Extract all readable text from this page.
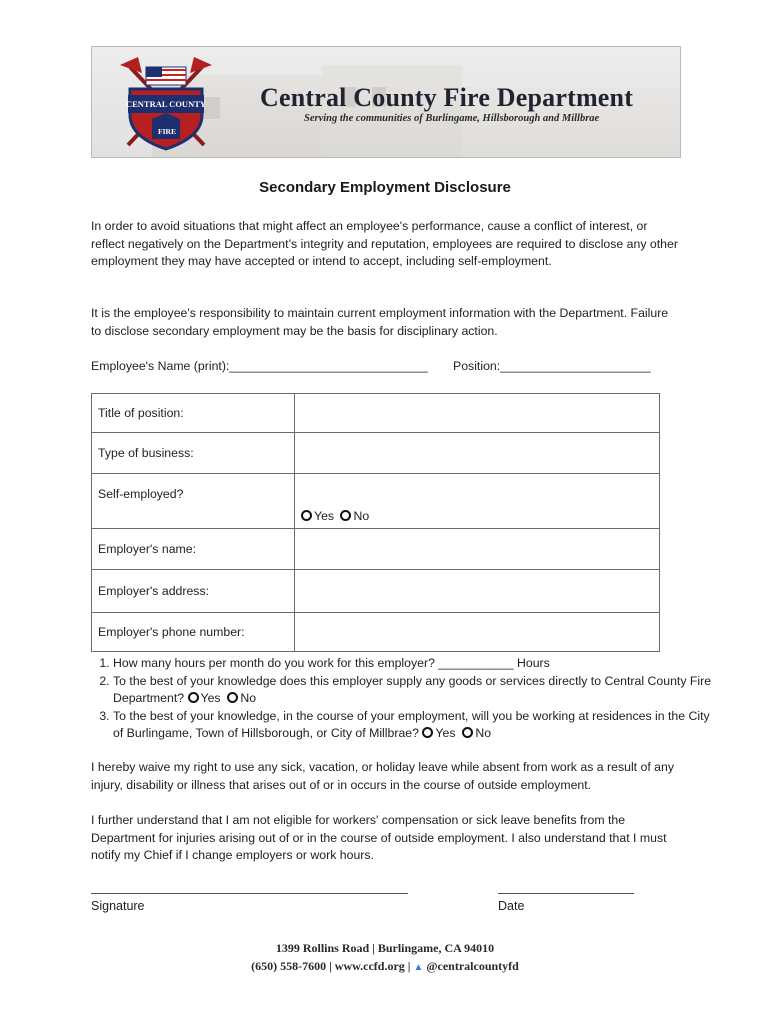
CENTRAL COUNTY
FIRE
Central County Fire Department
Serving the communities of Burlingame, Hillsborough and Millbrae
Secondary Employment Disclosure
In order to avoid situations that might affect an employee's performance, cause a conflict of interest, or reflect negatively on the Department’s integrity and reputation, employees are required to disclose any other employment they may have accepted or intend to accept, including self-employment.
It is the employee's responsibility to maintain current employment information with the Department. Failure to disclose secondary employment may be the basis for disciplinary action.
Employee's Name (print):_____________________________ Position:______________________
Title of position:	
Type of business:	
Self-employed?	Yes No
Employer's name:	
Employer's address:	
Employer's phone number:	
1. How many hours per month do you work for this employer? ___________ Hours
2. To the best of your knowledge does this employer supply any goods or services directly to Central County Fire Department? Yes No
3. To the best of your knowledge, in the course of your employment, will you be working at residences in the City of Burlingame, Town of Hillsborough, or City of Millbrae? Yes No
I hereby waive my right to use any sick, vacation, or holiday leave while absent from work as a result of any injury, disability or illness that arises out of or in occurs in the course of outside employment.
I further understand that I am not eligible for workers' compensation or sick leave benefits from the Department for injuries arising out of or in the course of outside employment. I also understand that I must notify my Chief if I change employers or work hours.
Signature	Date
1399 Rollins Road | Burlingame, CA 94010
(650) 558-7600 | www.ccfd.org | ▲ @centralcountyfd
